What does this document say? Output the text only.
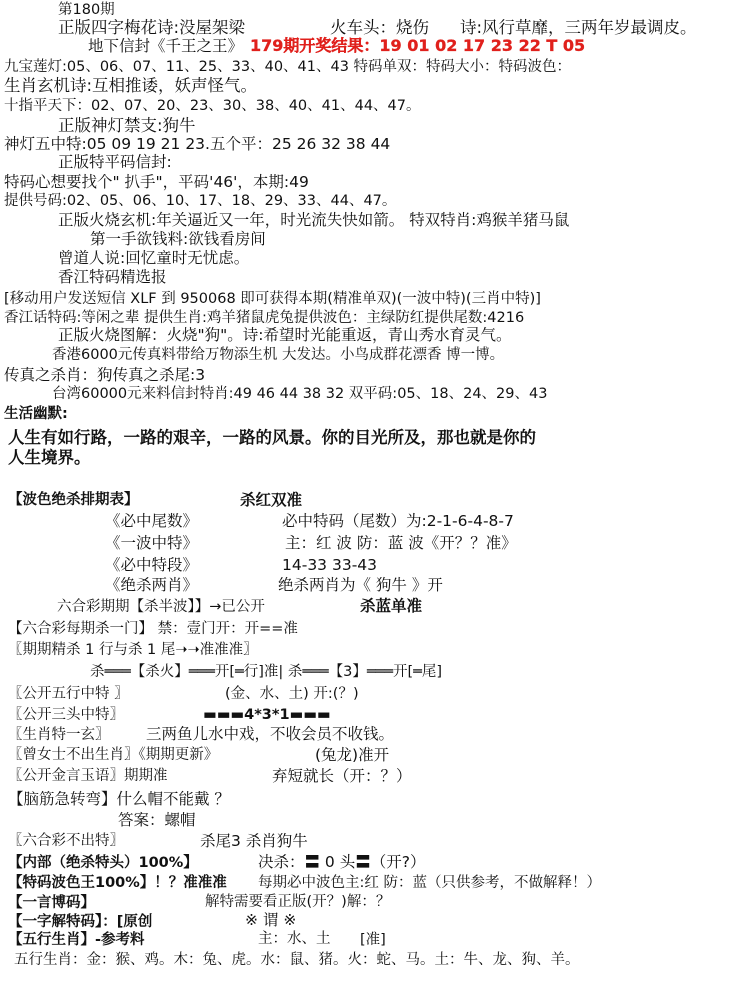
第180期
正版四字梅花诗:没屋架梁	火车头：烧伤 诗:风行草靡，三两年岁最调皮。
地下信封《千王之王》 179期开奖结果：19 01 02 17 23 22 T 05
九宝莲灯:05、06、07、11、25、33、40、41、43 特码单双：特码大小：特码波色：
生肖玄机诗:互相推诿，妖声怪气。
十指平天下：02、07、20、23、30、38、40、41、44、47。
正版神灯禁支:狗牛
神灯五中特:05 09 19 21 23.五个平：25 26 32 38 44
正版特平码信封:
特码心想要找个" 扒手"，平码'46'，本期:49
提供号码:02、05、06、10、17、18、29、33、44、47。
正版火烧玄机:年关逼近又一年，时光流失快如箭。 特双特肖:鸡猴羊猪马鼠
第一手欲钱料:欲钱看房间
曾道人说:回忆童时无忧虑。
香江特码精选报
[移动用户发送短信 XLF 到 950068 即可获得本期(精准单双)(一波中特)(三肖中特)]
香江话特码:等闲之辈 提供生肖:鸡羊猪鼠虎兔提供波色：主绿防红提供尾数:4216
正版火烧图解：火烧"狗"。诗:希望时光能重返，青山秀水育灵气。
香港6000元传真料带给万物添生机 大发达。小鸟成群花漂香 博一博。
传真之杀肖：狗传真之杀尾:3
台湾60000元来料信封特肖:49 46 44 38 32 双平码:05、18、24、29、43
生活幽默:
人生有如行路，一路的艰辛，一路的风景。你的目光所及，那也就是你的
人生境界。
【波色绝杀排期表】	杀红双准
《必中尾数》	必中特码（尾数）为:2-1-6-4-8-7
《一波中特》	主：红 波 防：蓝 波《开？？准》
《必中特段》	14-33 33-43
《绝杀两肖》	绝杀两肖为《 狗牛 》开
六合彩期期【杀半波】】→已公开	杀蓝单准
【六合彩每期杀一门】 禁：壹门开：开==准
〖期期精杀 1 行与杀 1 尾➝➝准准准〗
杀═══【杀火】═══开[═行]准| 杀═══【3】═══开[═尾]
〖公开五行中特 〗	(金、水、土) 开:(？)
〖公开三头中特〗	▬▬▬4*3*1▬▬▬
〖生肖特一玄〗 三两鱼儿水中戏，不收会员不收钱。
〖曾女士不出生肖〗《期期更新》	(兔龙)准开
〖公开金言玉语〗期期准	弃短就长（开：？）
【脑筋急转弯】什么帽不能戴 ？
答案：螺帽
〖六合彩不出特〗	杀尾3 杀肖狗牛
【内部（绝杀特头）100%】	决杀：〓 0 头〓（开?）
【特码波色王100%】！？准准准 每期必中波色主:红 防：蓝（只供参考，不做解释！）
【一言博码】	解特需要看正版(开？)解：？
【一字解特码】：[原创	※ 谓 ※
【五行生肖】-参考料	主：水、土 [准]
五行生肖：金：猴、鸡。木：兔、虎。水：鼠、猪。火：蛇、马。土：牛、龙、狗、羊。
